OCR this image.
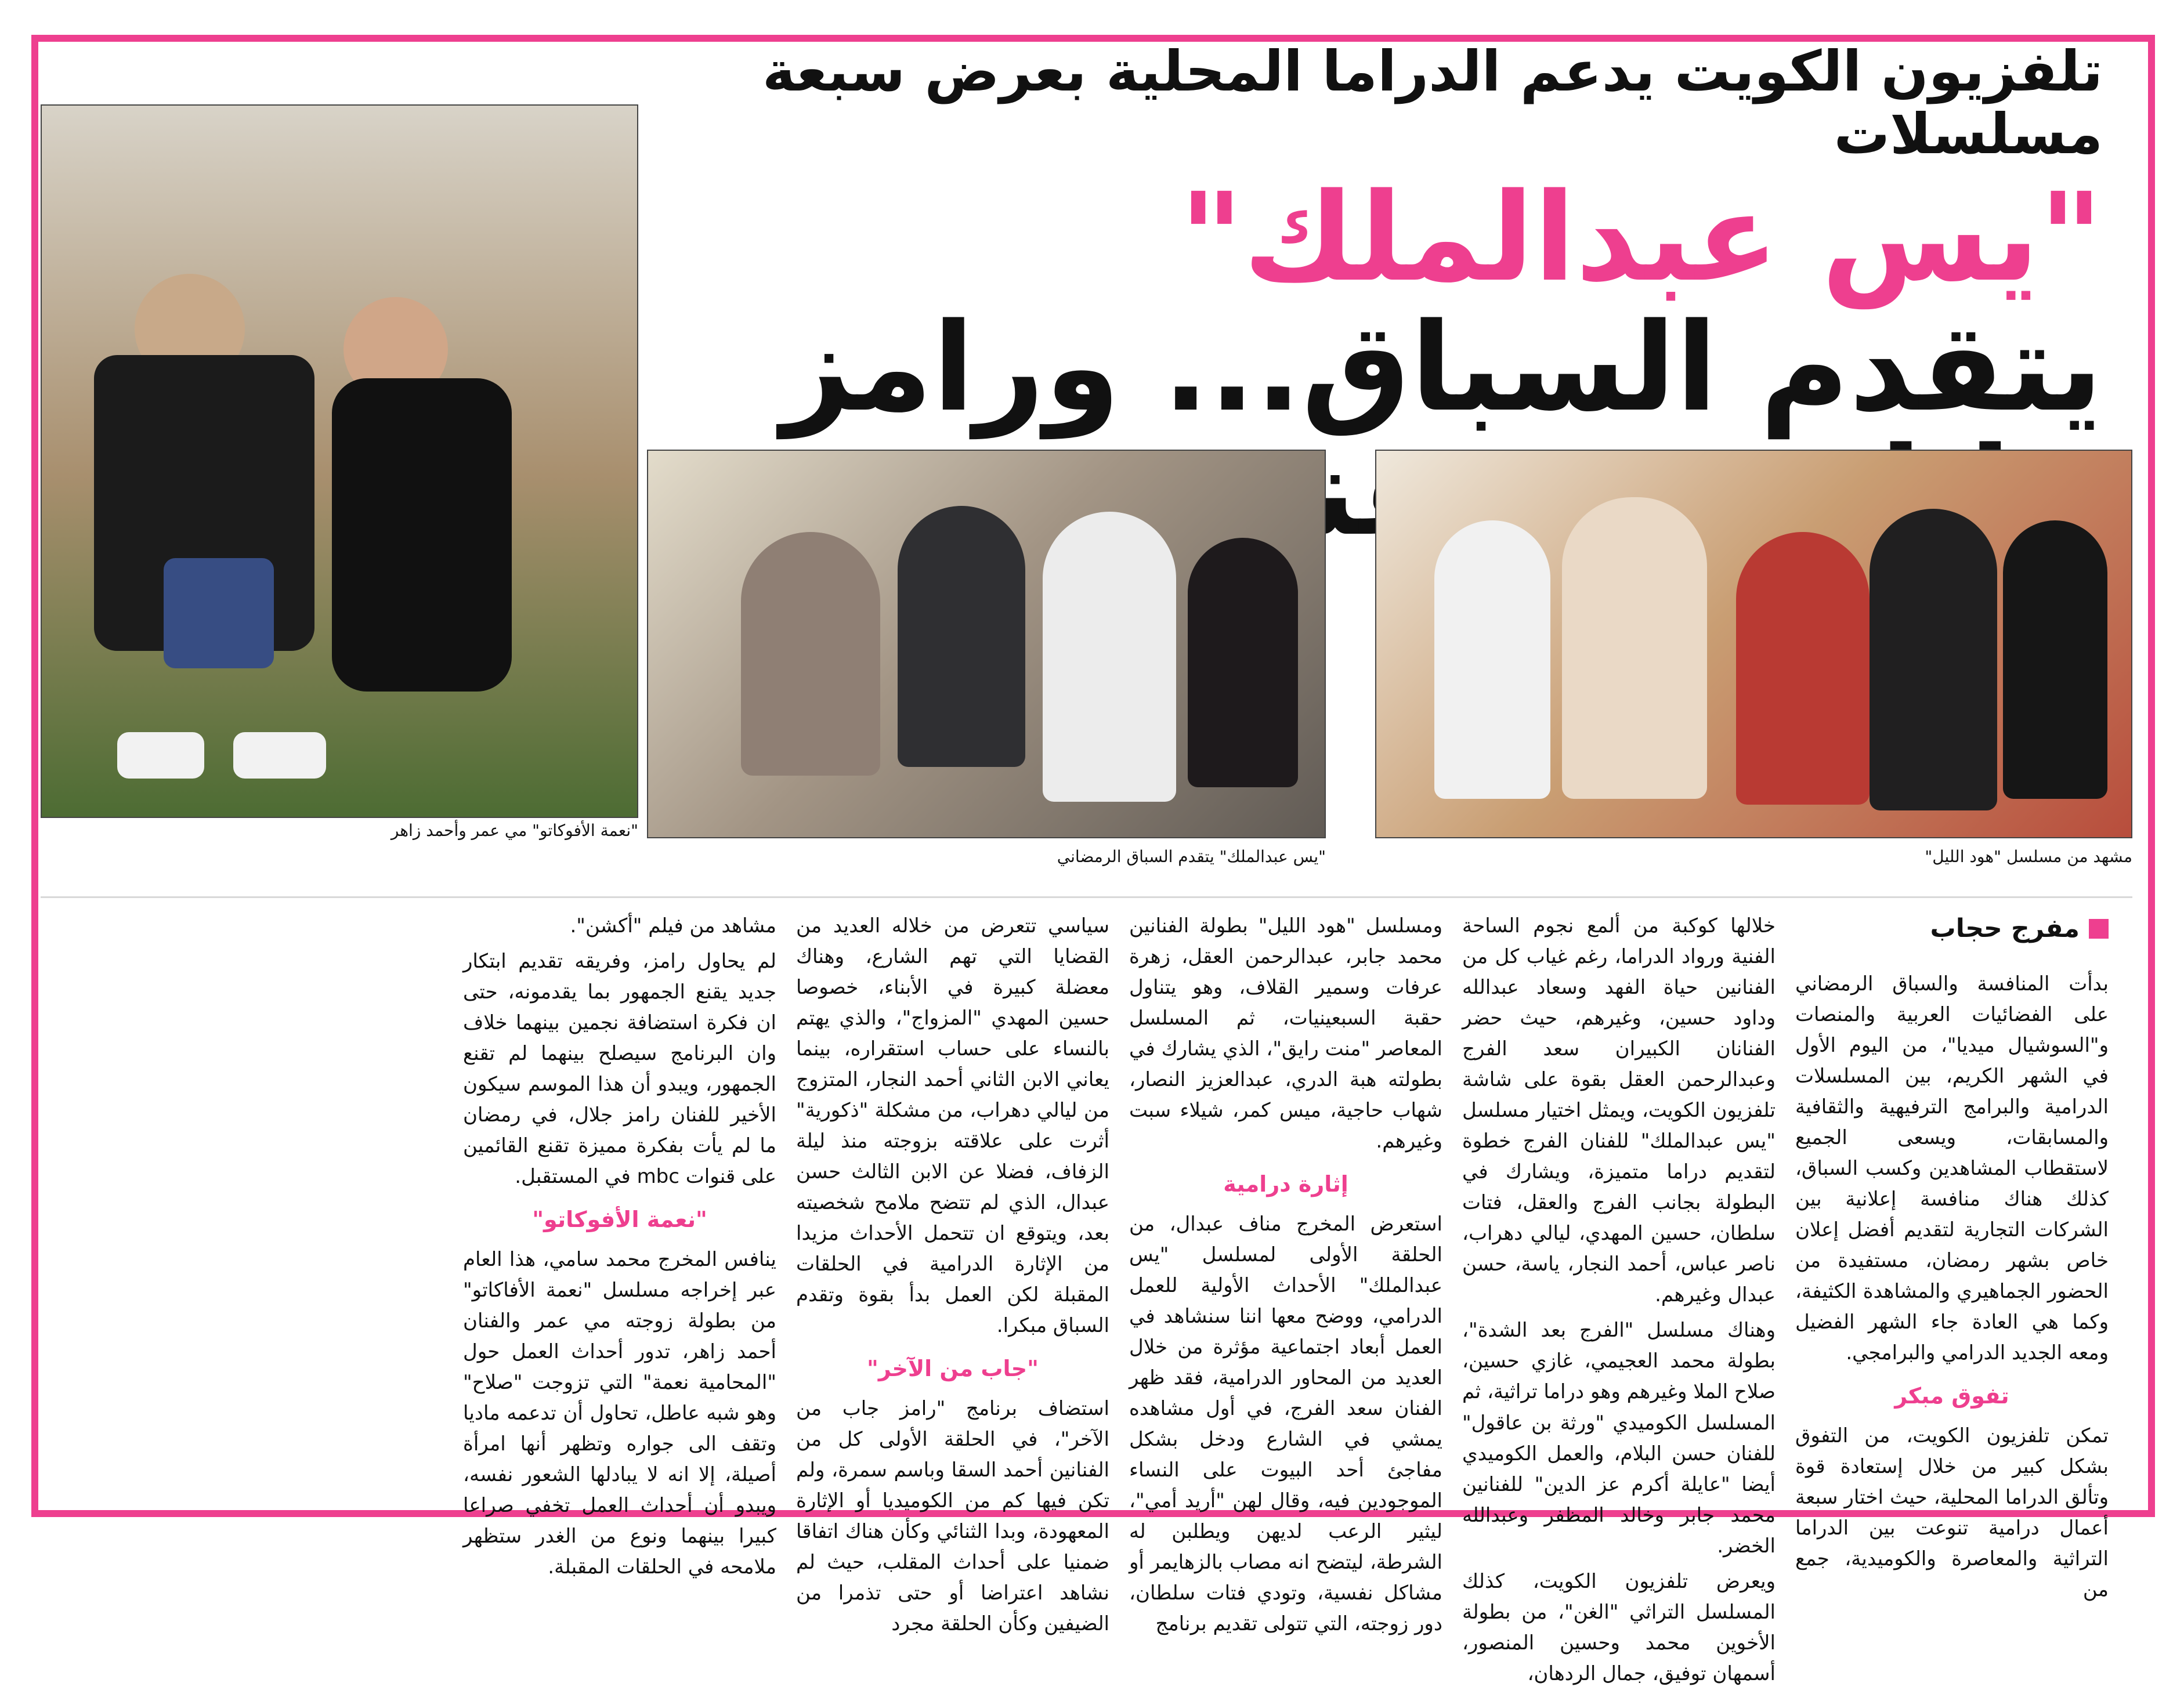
تلفزيون الكويت يدعم الدراما المحلية بعرض سبعة مسلسلات
"يس عبدالملك"
يتقدم السباق... ورامز
"نعمة الأفوكاتو" مي عمر وأحمد زاهر
"يس عبدالملك" يتقدم السباق الرمضاني	مشهد من مسلسل "هود الليل"
مفرج حجاب
بدأت المنافسة والسباق الرمضاني على الفضائيات العربية والمنصات و"السوشيال ميديا"، من اليوم الأول في الشهر الكريم، بين المسلسلات الدرامية والبرامج الترفيهية والثقافية والمسابقات، ويسعى الجميع لاستقطاب المشاهدين وكسب السباق، كذلك هناك منافسة إعلانية بين الشركات التجارية لتقديم أفضل إعلان خاص بشهر رمضان، مستفيدة من الحضور الجماهيري والمشاهدة الكثيفة، وكما هي العادة جاء الشهر الفضيل ومعه الجديد الدرامي والبرامجي.
تفوق مبكر
تمكن تلفزيون الكويت، من التفوق بشكل كبير من خلال إستعادة قوة وتألق الدراما المحلية، حيث اختار سبعة أعمال درامية تنوعت بين الدراما التراثية والمعاصرة والكوميدية، جمع من
خلالها كوكبة من ألمع نجوم الساحة الفنية ورواد الدراما، رغم غياب كل من الفنانين حياة الفهد وسعاد عبدالله وداود حسين، وغيرهم، حيث حضر الفنانان الكبيران سعد الفرج وعبدالرحمن العقل بقوة على شاشة تلفزيون الكويت، ويمثل اختيار مسلسل "يس عبدالملك" للفنان الفرج خطوة لتقديم دراما متميزة، ويشارك في البطولة بجانب الفرج والعقل، فتات سلطان، حسين المهدي، ليالي دهراب، ناصر عباس، أحمد النجار، ياسة، حسن عبدال وغيرهم.
وهناك مسلسل "الفرج بعد الشدة"، بطولة محمد العجيمي، غازي حسين، صلاح الملا وغيرهم وهو دراما تراثية، ثم المسلسل الكوميدي "ورثة بن عاقول" للفنان حسن البلام، والعمل الكوميدي أيضا "عايلة أكرم عز الدين" للفنانين محمد جابر وخالد المظفر وعبدالله الخضر.
ويعرض تلفزيون الكويت، كذلك المسلسل التراثي "الغن"، من بطولة الأخوين محمد وحسين المنصور، أسمهان توفيق، جمال الردهان،
ومسلسل "هود الليل" بطولة الفنانين محمد جابر، عبدالرحمن العقل، زهرة عرفات وسمير القلاف، وهو يتناول حقبة السبعينيات، ثم المسلسل المعاصر "منت رايق"، الذي يشارك في بطولته هبة الدري، عبدالعزيز النصار، شهاب حاجية، ميس كمر، شيلاء سبت وغيرهم.
إثارة درامية
استعرض المخرج مناف عبدال، من الحلقة الأولى لمسلسل "يس عبدالملك" الأحداث الأولية للعمل الدرامي، ووضح معها اننا سنشاهد في العمل أبعاد اجتماعية مؤثرة من خلال العديد من المحاور الدرامية، فقد ظهر الفنان سعد الفرج، في أول مشاهده يمشي في الشارع ودخل بشكل مفاجئ أحد البيوت على النساء الموجودين فيه، وقال لهن "أريد أمي"، ليثير الرعب لديهن ويطلبن له الشرطة، ليتضح انه مصاب بالزهايمر أو مشاكل نفسية، وتودي فتات سلطان، دور زوجته، التي تتولى تقديم برنامج
سياسي تتعرض من خلاله العديد من القضايا التي تهم الشارع، وهناك معضلة كبيرة في الأبناء، خصوصا حسين المهدي "المزواج"، والذي يهتم بالنساء على حساب استقراره، بينما يعاني الابن الثاني أحمد النجار، المتزوج من ليالي دهراب، من مشكلة "ذكورية" أثرت على علاقته بزوجته منذ ليلة الزفاف، فضلا عن الابن الثالث حسن عبدال، الذي لم تتضح ملامح شخصيته بعد، ويتوقع ان تتحمل الأحداث مزيدا من الإثارة الدرامية في الحلقات المقبلة لكن العمل بدأ بقوة وتقدم السباق مبكرا.
"جاب من الآخر"
استضاف برنامج "رامز جاب من الآخر"، في الحلقة الأولى كل من الفنانين أحمد السقا وباسم سمرة، ولم تكن فيها كم من الكوميديا أو الإثارة المعهودة، وبدا الثنائي وكأن هناك اتفاقا ضمنيا على أحداث المقلب، حيث لم نشاهد اعتراضا أو حتى تذمرا من الضيفين وكأن الحلقة مجرد
مشاهد من فيلم "أكشن".
لم يحاول رامز، وفريقه تقديم ابتكار جديد يقنع الجمهور بما يقدمونه، حتى ان فكرة استضافة نجمين بينهما خلاف وان البرنامج سيصلح بينهما لم تقنع الجمهور، ويبدو أن هذا الموسم سيكون الأخير للفنان رامز جلال، في رمضان ما لم يأت بفكرة مميزة تقنع القائمين على قنوات mbc في المستقبل.
"نعمة الأفوكاتو"
ينافس المخرج محمد سامي، هذا العام عبر إخراجه مسلسل "نعمة الأفاكاتو" من بطولة زوجته مي عمر والفنان أحمد زاهر، تدور أحداث العمل حول "المحامية نعمة" التي تزوجت "صلاح" وهو شبه عاطل، تحاول أن تدعمه ماديا وتقف الى جواره وتظهر أنها امرأة أصيلة، إلا انه لا يبادلها الشعور نفسه، ويبدو أن أحداث العمل تخفي صراعا كبيرا بينهما ونوع من الغدر ستظهر ملامحه في الحلقات المقبلة.
